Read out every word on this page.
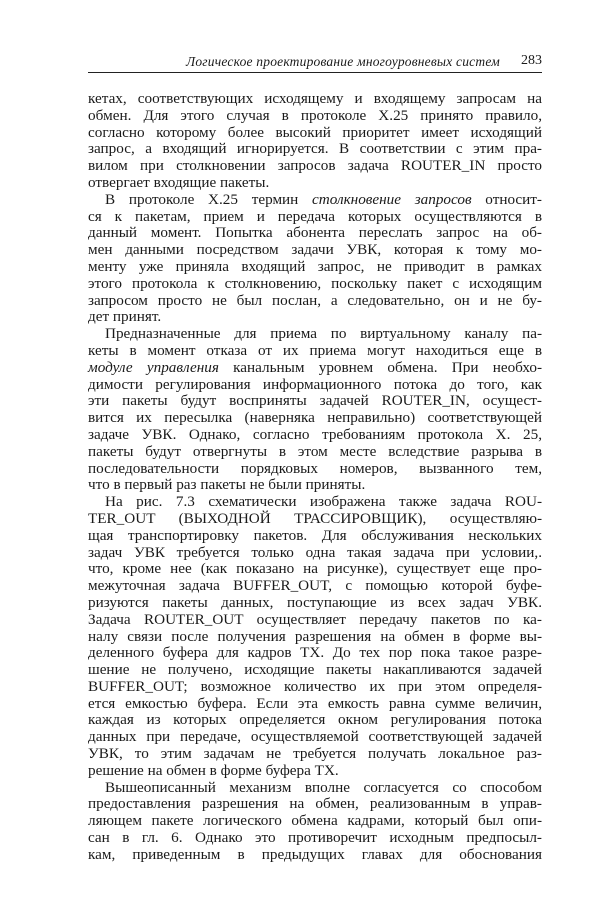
Логическое проектирование многоуровневых систем 283
кетах, соответствующих исходящему и входящему запросам на
обмен. Для этого случая в протоколе X.25 принято правило,
согласно которому более высокий приоритет имеет исходящий
запрос, а входящий игнорируется. В соответствии с этим пра-
вилом при столкновении запросов задача ROUTER_IN просто
отвергает входящие пакеты.
В протоколе X.25 термин столкновение запросов относит-
ся к пакетам, прием и передача которых осуществляются в
данный момент. Попытка абонента переслать запрос на об-
мен данными посредством задачи УВК, которая к тому мо-
менту уже приняла входящий запрос, не приводит в рамках
этого протокола к столкновению, поскольку пакет с исходящим
запросом просто не был послан, а следовательно, он и не бу-
дет принят.
Предназначенные для приема по виртуальному каналу па-
кеты в момент отказа от их приема могут находиться еще в
модуле управления канальным уровнем обмена. При необхо-
димости регулирования информационного потока до того, как
эти пакеты будут восприняты задачей ROUTER_IN, осущест-
вится их пересылка (наверняка неправильно) соответствующей
задаче УВК. Однако, согласно требованиям протокола X. 25,
пакеты будут отвергнуты в этом месте вследствие разрыва в
последовательности порядковых номеров, вызванного тем,
что в первый раз пакеты не были приняты.
На рис. 7.3 схематически изображена также задача ROU-
TER_OUT (ВЫХОДНОЙ ТРАССИРОВЩИК), осуществляю-
щая транспортировку пакетов. Для обслуживания нескольких
задач УВК требуется только одна такая задача при условии,.
что, кроме нее (как показано на рисунке), существует еще про-
межуточная задача BUFFER_OUT, с помощью которой буфе-
ризуются пакеты данных, поступающие из всех задач УВК.
Задача ROUTER_OUT осуществляет передачу пакетов по ка-
налу связи после получения разрешения на обмен в форме вы-
деленного буфера для кадров TX. До тех пор пока такое разре-
шение не получено, исходящие пакеты накапливаются задачей
BUFFER_OUT; возможное количество их при этом определя-
ется емкостью буфера. Если эта емкость равна сумме величин,
каждая из которых определяется окном регулирования потока
данных при передаче, осуществляемой соответствующей задачей
УВК, то этим задачам не требуется получать локальное раз-
решение на обмен в форме буфера TX.
Вышеописанный механизм вполне согласуется со способом
предоставления разрешения на обмен, реализованным в управ-
ляющем пакете логического обмена кадрами, который был опи-
сан в гл. 6. Однако это противоречит исходным предпосыл-
кам, приведенным в предыдущих главах для обоснования
